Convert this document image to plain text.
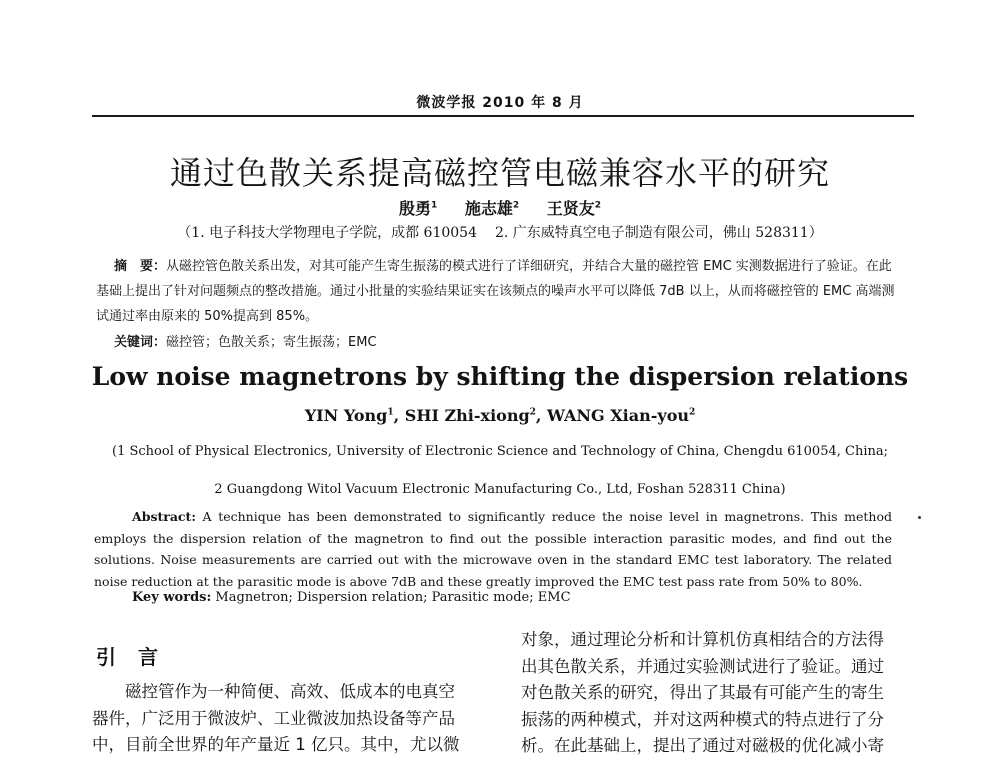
微波学报 2010 年 8 月
通过色散关系提高磁控管电磁兼容水平的研究
殷勇$^1$ 施志雄$^2$ 王贤友$^2$
（1. 电子科技大学物理电子学院，成都 610054 2. 广东威特真空电子制造有限公司，佛山 528311）

摘　要：从磁控管色散关系出发，对其可能产生寄生振荡的模式进行了详细研究，并结合大量的磁控管 EMC 实测数据进行了验证。在此基础上提出了针对问题频点的整改措施。通过小批量的实验结果证实在该频点的噪声水平可以降低 7dB 以上，从而将磁控管的 EMC 高端测试通过率由原来的 50%提高到 85%。

关键词：磁控管；色散关系；寄生振荡；EMC
Low noise magnetrons by shifting the dispersion relations
YIN Yong$^1$, SHI Zhi-xiong$^2$, WANG Xian-you$^2$
(1 School of Physical Electronics, University of Electronic Science and Technology of China, Chengdu 610054, China;
2 Guangdong Witol Vacuum Electronic Manufacturing Co., Ltd, Foshan 528311 China)

Abstract: A technique has been demonstrated to significantly reduce the noise level in magnetrons. This method employs the dispersion relation of the magnetron to find out the possible interaction parasitic modes, and find out the solutions. Noise measurements are carried out with the microwave oven in the standard EMC test laboratory. The related noise reduction at the parasitic mode is above 7dB and these greatly improved the EMC test pass rate from 50% to 80%.

Key words: Magnetron; Dispersion relation; Parasitic mode; EMC
引 言

磁控管作为一种简便、高效、低成本的电真空

器件，广泛用于微波炉、工业微波加热设备等产品
中，目前全世界的年产量近 1 亿只。其中，尤以微
对象，通过理论分析和计算机仿真相结合的方法得
出其色散关系，并通过实验测试进行了验证。通过
对色散关系的研究，得出了其最有可能产生的寄生
振荡的两种模式，并对这两种模式的特点进行了分
析。在此基础上，提出了通过对磁极的优化减小寄
